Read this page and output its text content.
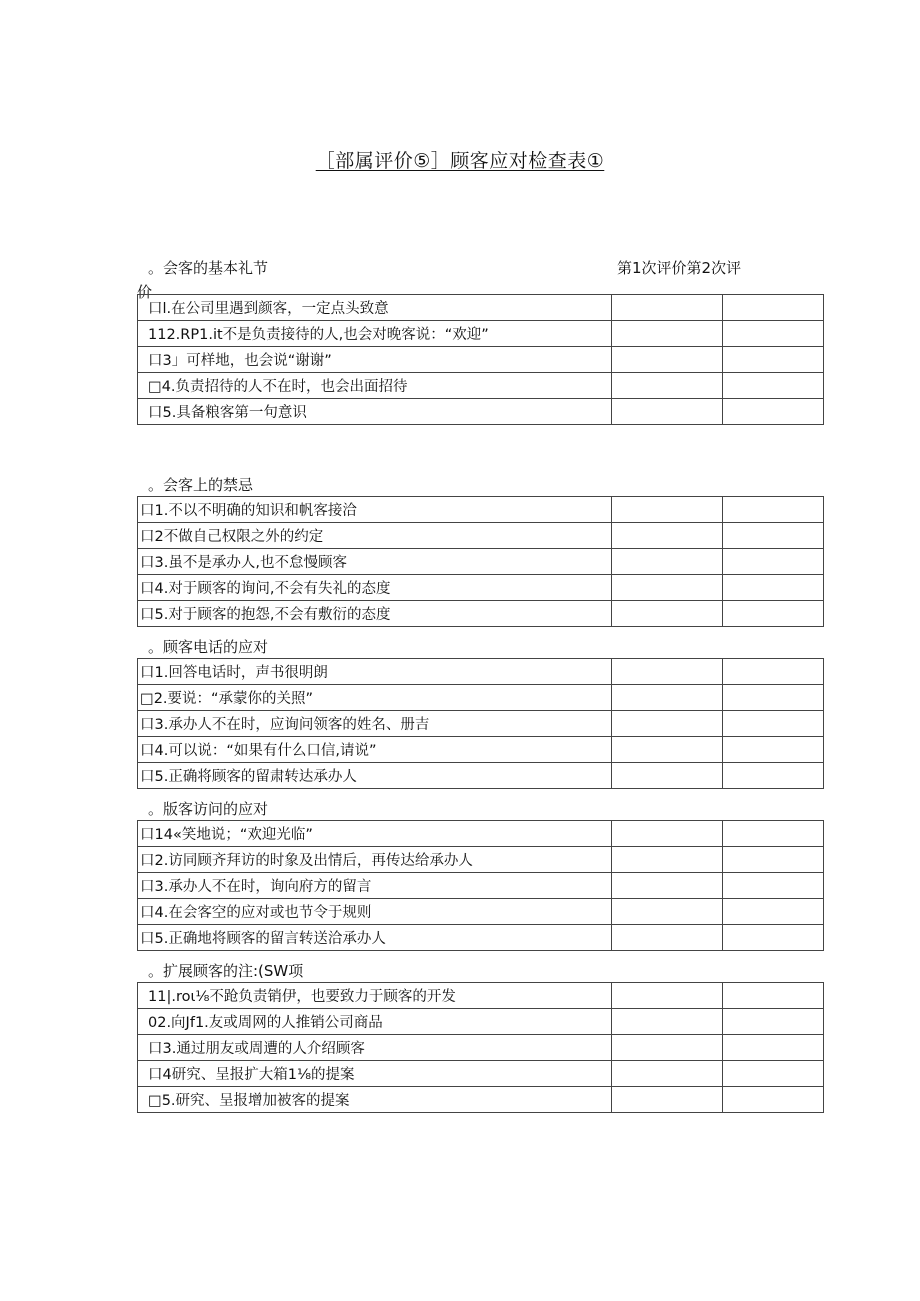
［部属评价⑤］顾客应对检查表①
。会客的基本礼节	第1次评价第2次评
价
口l.在公司里遇到颜客，一定点头致意		
112.RP1.it不是负责接待的人,也会对晚客说：“欢迎”		
口3」可样地，也会说“谢谢”		
□4.负责招待的人不在时，也会出面招待		
口5.具备粮客第一句意识		
。会客上的禁忌
口1.不以不明确的知识和帆客接洽		
口2不做自己权限之外的约定		
口3.虽不是承办人,也不怠慢顾客		
口4.对于顾客的询问,不会有失礼的态度		
口5.对于顾客的抱怨,不会有敷衍的态度		
。顾客电话的应对
口1.回答电话时，声书很明朗		
□2.要说：“承蒙你的关照”		
口3.承办人不在时，应询问领客的姓名、册吉		
口4.可以说：“如果有什么口信,请说”		
口5.正确将顾客的留肃转达承办人		
。版客访问的应对
口14«笑地说；“欢迎光临”		
口2.访同顾齐拜访的时象及出情后，再传达给承办人		
口3.承办人不在时，询向府方的留言		
口4.在会客空的应对或也节令于规则		
口5.正确地将顾客的留言转送洽承办人		
。扩展顾客的注:(SW项
11|.roι⅛不跄负责销伊，也要致力于顾客的开发		
02.向Jf1.友或周网的人推销公司商品		
口3.通过朋友或周遭的人介绍顾客		
口4研究、呈报扩大箱1⅛的提案		
□5.研究、呈报增加被客的提案		
